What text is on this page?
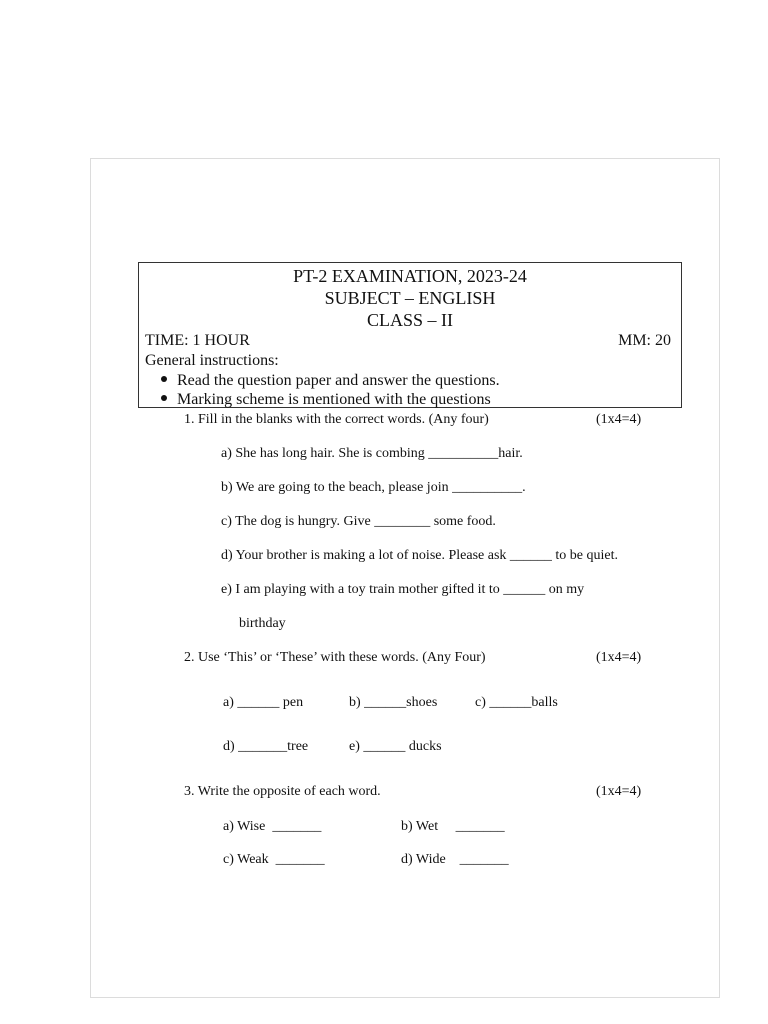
PT-2 EXAMINATION, 2023-24
SUBJECT – ENGLISH
CLASS – II
TIME: 1 HOUR	MM: 20
General instructions:
Read the question paper and answer the questions.
Marking scheme is mentioned with the questions
1. Fill in the blanks with the correct words. (Any four)	(1x4=4)
a) She has long hair. She is combing __________hair.
b) We are going to the beach, please join __________.
c) The dog is hungry. Give ________ some food.
d) Your brother is making a lot of noise. Please ask ______ to be quiet.
e) I am playing with a toy train mother gifted it to ______ on my
birthday
2. Use ‘This’ or ‘These’ with these words. (Any Four)	(1x4=4)
a) ______ pen	b) ______shoes	c) ______balls
d) _______tree	e) ______ ducks
3. Write the opposite of each word.	(1x4=4)
a) Wise  _______	b) Wet     _______
c) Weak  _______	d) Wide    _______
